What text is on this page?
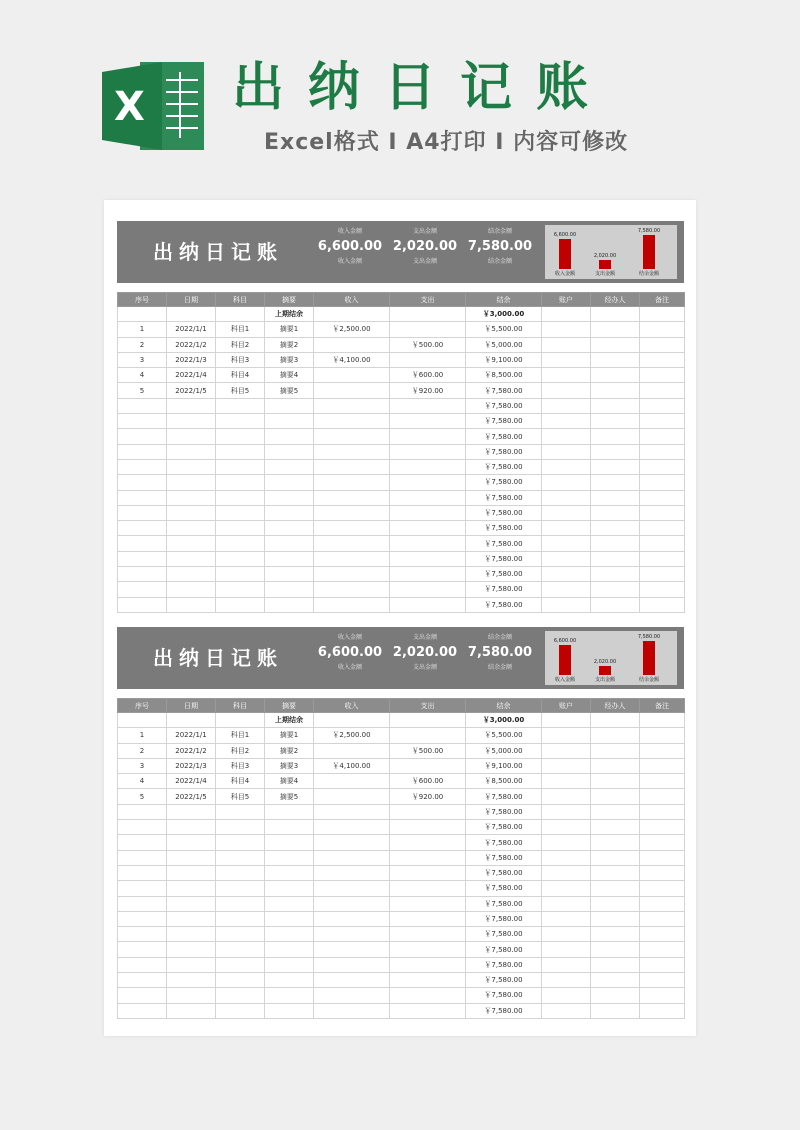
X 出纳日记账
Excel格式 I A4打印 I 内容可修改
出纳日记账
收入金额
6,600.00
收入金额
支出金额
2,020.00
支出金额
结余金额
7,580.00
结余金额
6,600.00
收入金额
2,020.00
支出金额
7,580.00
结余金额
序号	日期	科目	摘要	收入	支出	结余	账户	经办人	备注
			上期结余			￥3,000.00			
1	2022/1/1	科目1	摘要1	￥2,500.00		￥5,500.00			
2	2022/1/2	科目2	摘要2		￥500.00	￥5,000.00			
3	2022/1/3	科目3	摘要3	￥4,100.00		￥9,100.00			
4	2022/1/4	科目4	摘要4		￥600.00	￥8,500.00			
5	2022/1/5	科目5	摘要5		￥920.00	￥7,580.00			
						￥7,580.00			
						￥7,580.00			
						￥7,580.00			
						￥7,580.00			
						￥7,580.00			
						￥7,580.00			
						￥7,580.00			
						￥7,580.00			
						￥7,580.00			
						￥7,580.00			
						￥7,580.00			
						￥7,580.00			
						￥7,580.00			
						￥7,580.00			
出纳日记账
收入金额
6,600.00
收入金额
支出金额
2,020.00
支出金额
结余金额
7,580.00
结余金额
6,600.00
收入金额
2,020.00
支出金额
7,580.00
结余金额
序号	日期	科目	摘要	收入	支出	结余	账户	经办人	备注
			上期结余			￥3,000.00			
1	2022/1/1	科目1	摘要1	￥2,500.00		￥5,500.00			
2	2022/1/2	科目2	摘要2		￥500.00	￥5,000.00			
3	2022/1/3	科目3	摘要3	￥4,100.00		￥9,100.00			
4	2022/1/4	科目4	摘要4		￥600.00	￥8,500.00			
5	2022/1/5	科目5	摘要5		￥920.00	￥7,580.00			
						￥7,580.00			
						￥7,580.00			
						￥7,580.00			
						￥7,580.00			
						￥7,580.00			
						￥7,580.00			
						￥7,580.00			
						￥7,580.00			
						￥7,580.00			
						￥7,580.00			
						￥7,580.00			
						￥7,580.00			
						￥7,580.00			
						￥7,580.00			
